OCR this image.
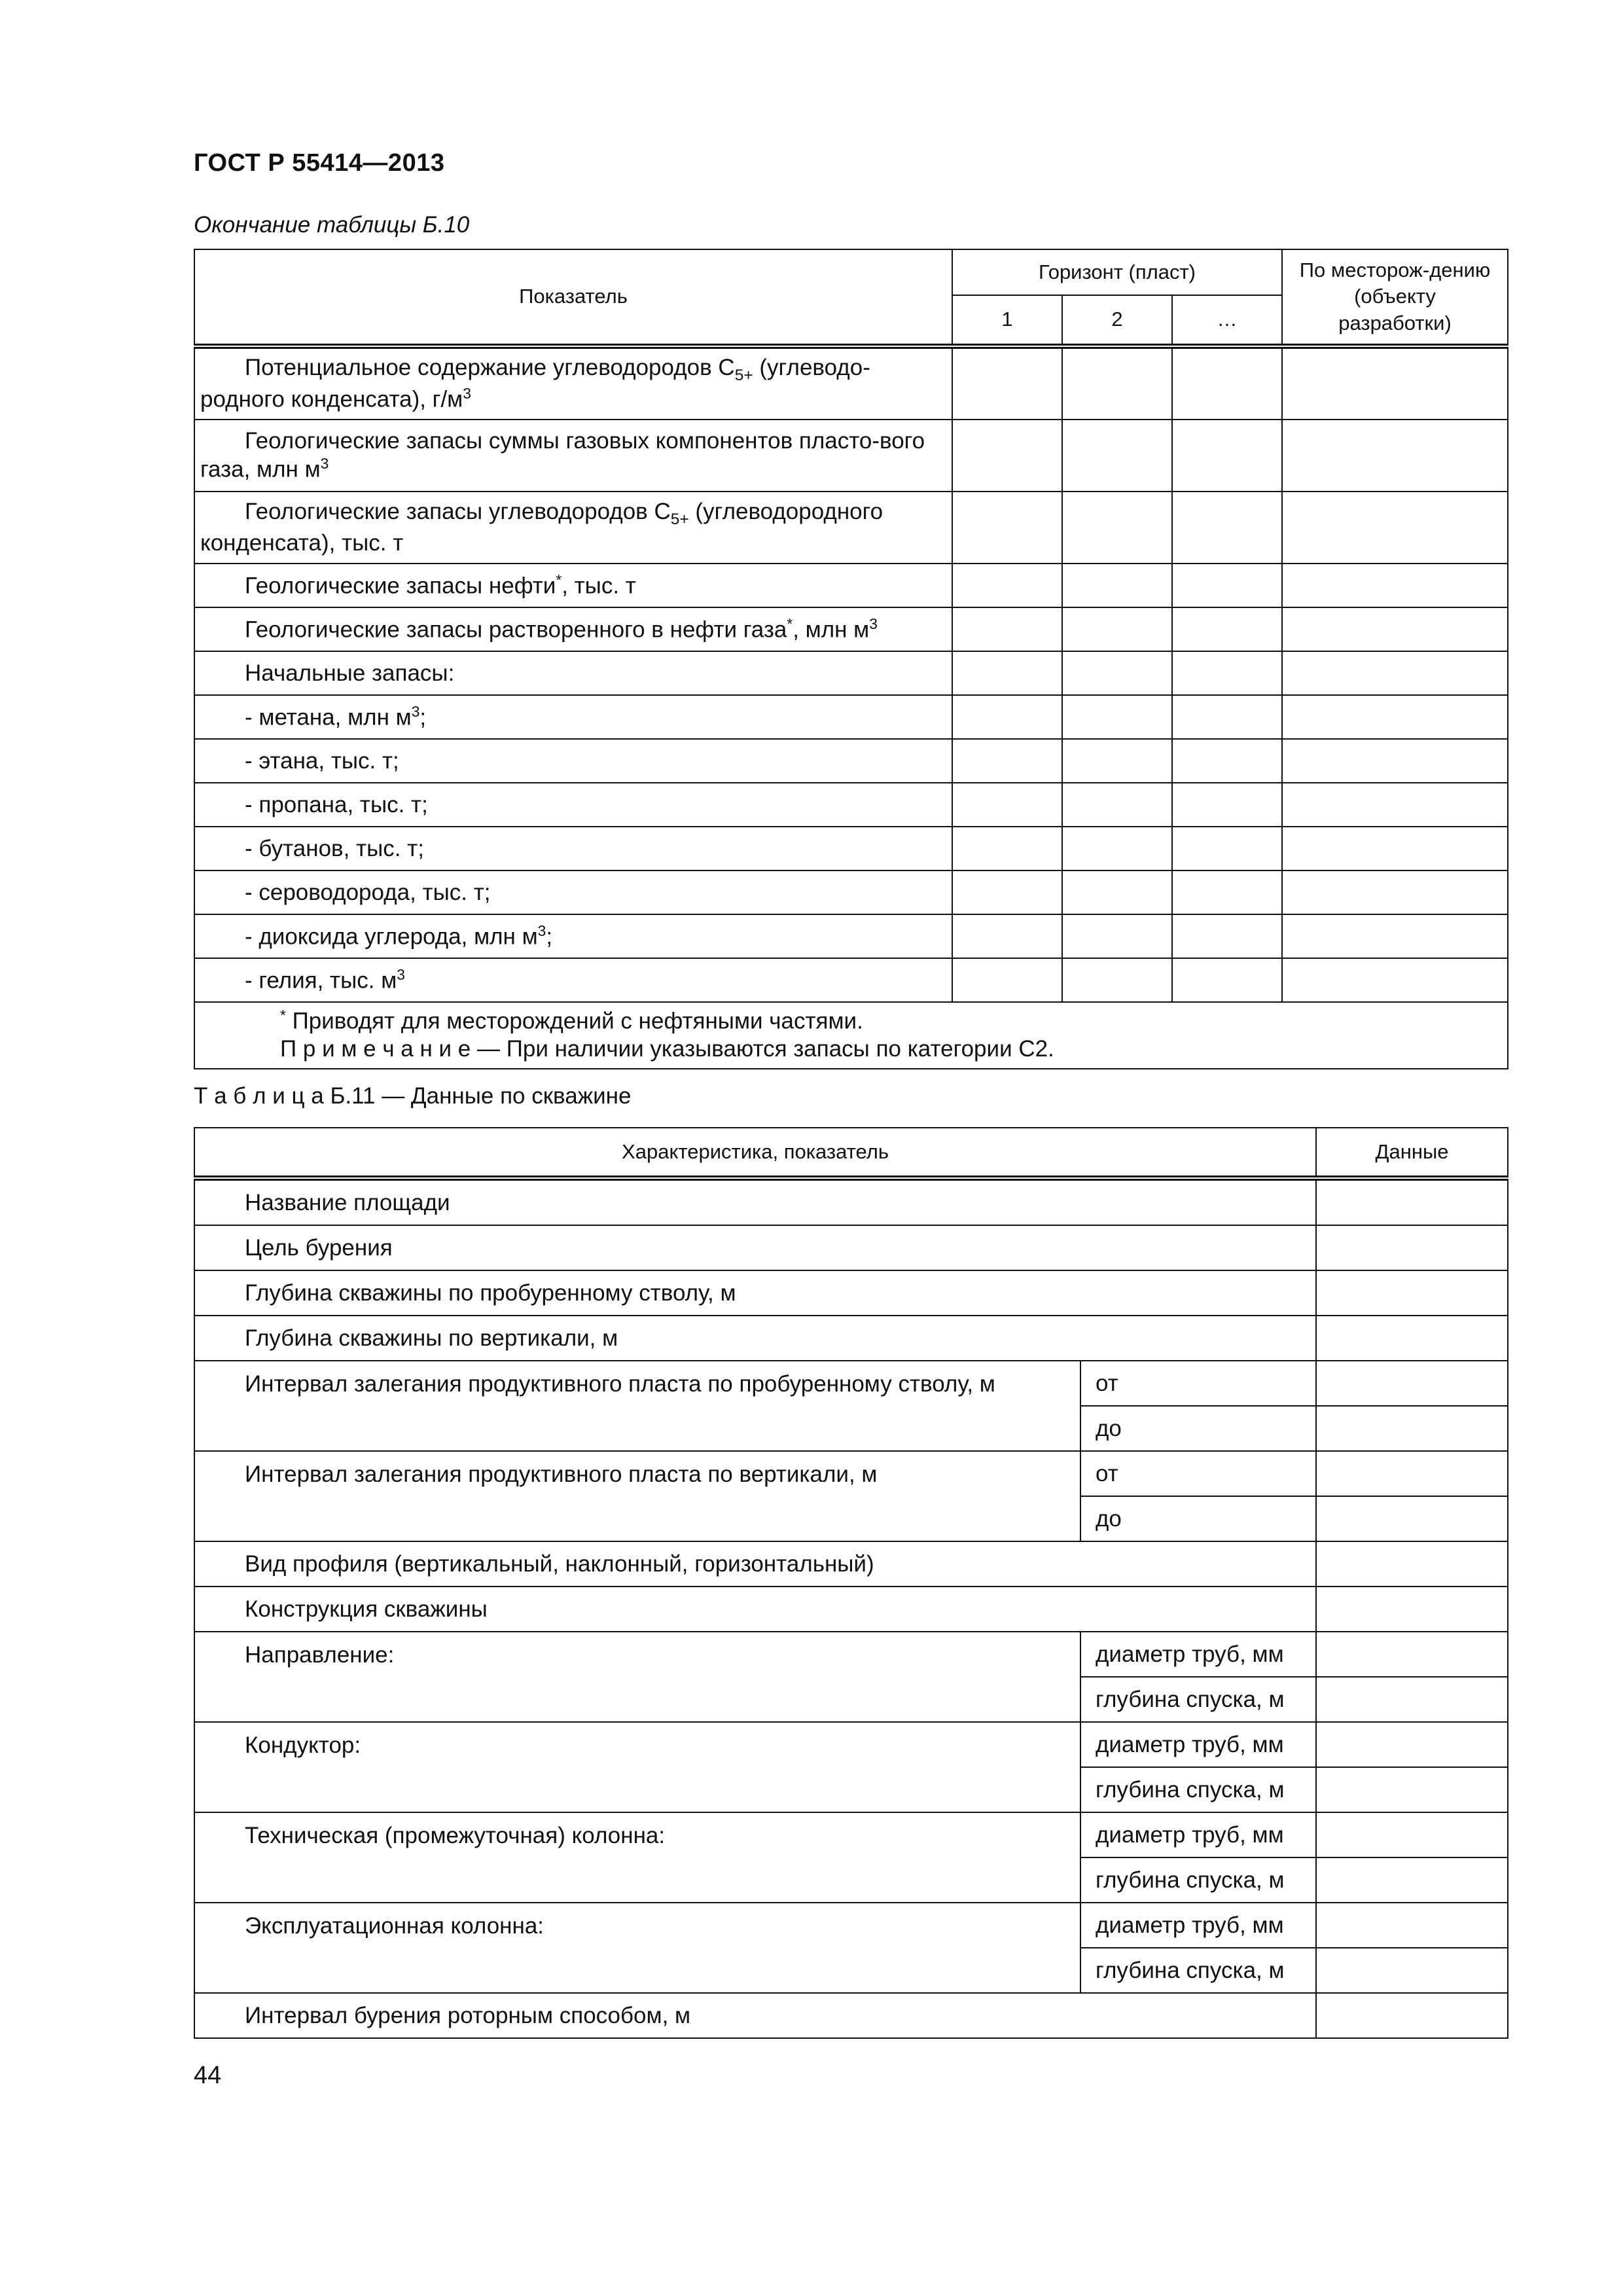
ГОСТ Р 55414—2013
Окончание таблицы Б.10
Показатель	Горизонт (пласт)			По месторож-дению (объекту разработки)
	1	2	…	
Потенциальное содержание углеводородов $C_{5+}$ (углеводо-родного конденсата), $г/м^3$				
Геологические запасы суммы газовых компонентов пласто-вого газа, млн $м^3$				
Геологические запасы углеводородов $C_{5+}$ (углеводородного конденсата), тыс. т				
Геологические запасы нефти*, тыс. т				
Геологические запасы растворенного в нефти газа*, млн $м^3$				
Начальные запасы:				
- метана, млн $м^3$;				
- этана, тыс. т;				
- пропана, тыс. т;				
- бутанов, тыс. т;				
- сероводорода, тыс. т;				
- диоксида углерода, млн $м^3$;				
- гелия, тыс. $м^3$				

* Приводят для месторождений с нефтяными частями.
П р и м е ч а н и е — При наличии указываются запасы по категории С2.				
Т а б л и ц а Б.11 — Данные по скважине
Характеристика, показатель		Данные
Название площади		
Цель бурения		
Глубина скважины по пробуренному стволу, м		
Глубина скважины по вертикали, м		
Интервал залегания продуктивного пласта по пробуренному стволу, м	от	
	до	
Интервал залегания продуктивного пласта по вертикали, м	от	
	до	
Вид профиля (вертикальный, наклонный, горизонтальный)		
Конструкция скважины		
Направление:	диаметр труб, мм	
	глубина спуска, м	
Кондуктор:	диаметр труб, мм	
	глубина спуска, м	
Техническая (промежуточная) колонна:	диаметр труб, мм	
	глубина спуска, м	
Эксплуатационная колонна:	диаметр труб, мм	
	глубина спуска, м	
Интервал бурения роторным способом, м		
44
